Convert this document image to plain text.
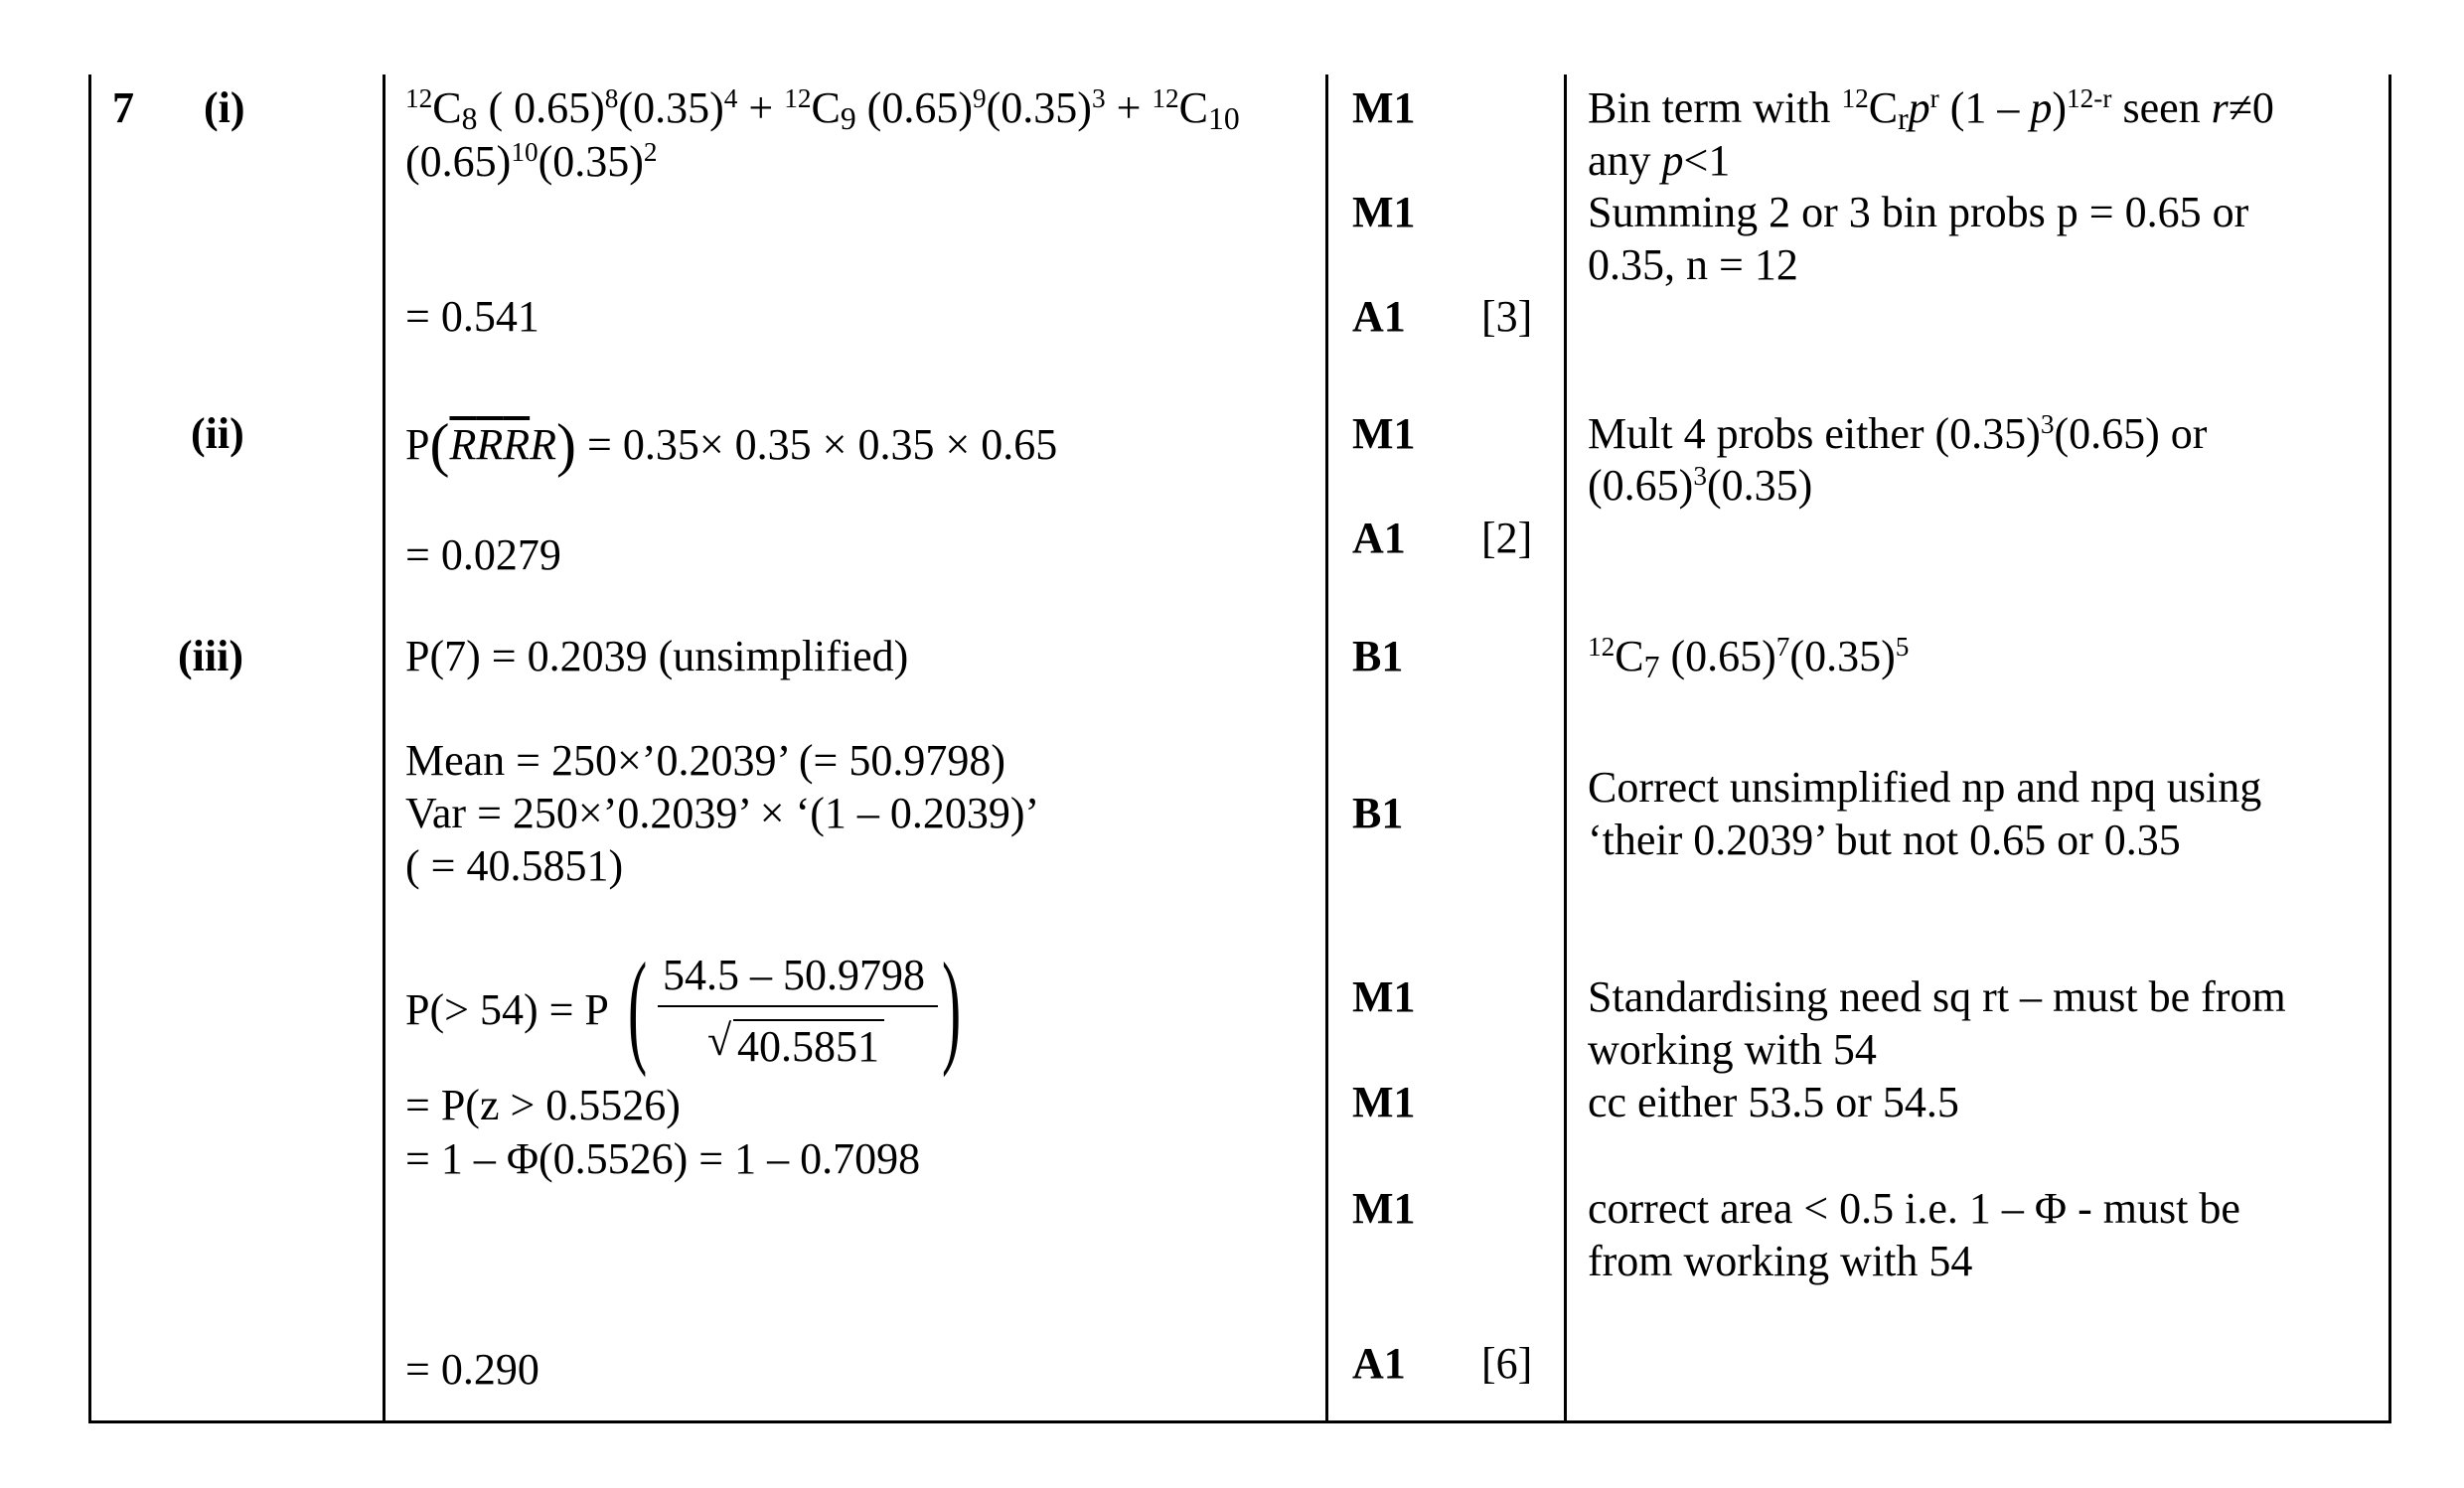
7 (i)
(ii)
(iii)
$^{12}C_8$ ( $0.65)^8(0.35)^4 + ^{12}C_9$ $(0.65)^9(0.35)^3 + ^{12}C_{10}$
$(0.65)^{10}(0.35)^2$
= 0.541
M1
M1
A1 [3]
Bin term with $^{12}C_rp^r$ (1 – p)$^{12-r}$ seen r≠0
any p<1
Summing 2 or 3 bin probs p = 0.65 or
0.35, n = 12
$P(\overline{R}\overline{R}\overline{R}R) = 0.35\times 0.35 \times 0.35 \times 0.65$
= 0.0279
M1
A1 [2]
Mult 4 probs either $(0.35)^3(0.65)$ or
$(0.65)^3(0.35)$
P(7) = 0.2039 (unsimplified)
Mean = 250×’0.2039’ (= 50.9798)
Var = 250×’0.2039’ × ‘(1 – 0.2039)’
( = 40.5851)
P(> 54) = P ( 54.5 – 50.9798
√ 40.5851 )
= P(z > 0.5526)
= 1 – Φ(0.5526) = 1 – 0.7098
= 0.290
B1
B1
M1
M1
M1
A1 [6]
$^{12}C_7$ $(0.65)^7(0.35)^5$
Correct unsimplified np and npq using
‘their 0.2039’ but not 0.65 or 0.35
Standardising need sq rt – must be from
working with 54
cc either 53.5 or 54.5
correct area < 0.5 i.e. 1 – Φ - must be
from working with 54
